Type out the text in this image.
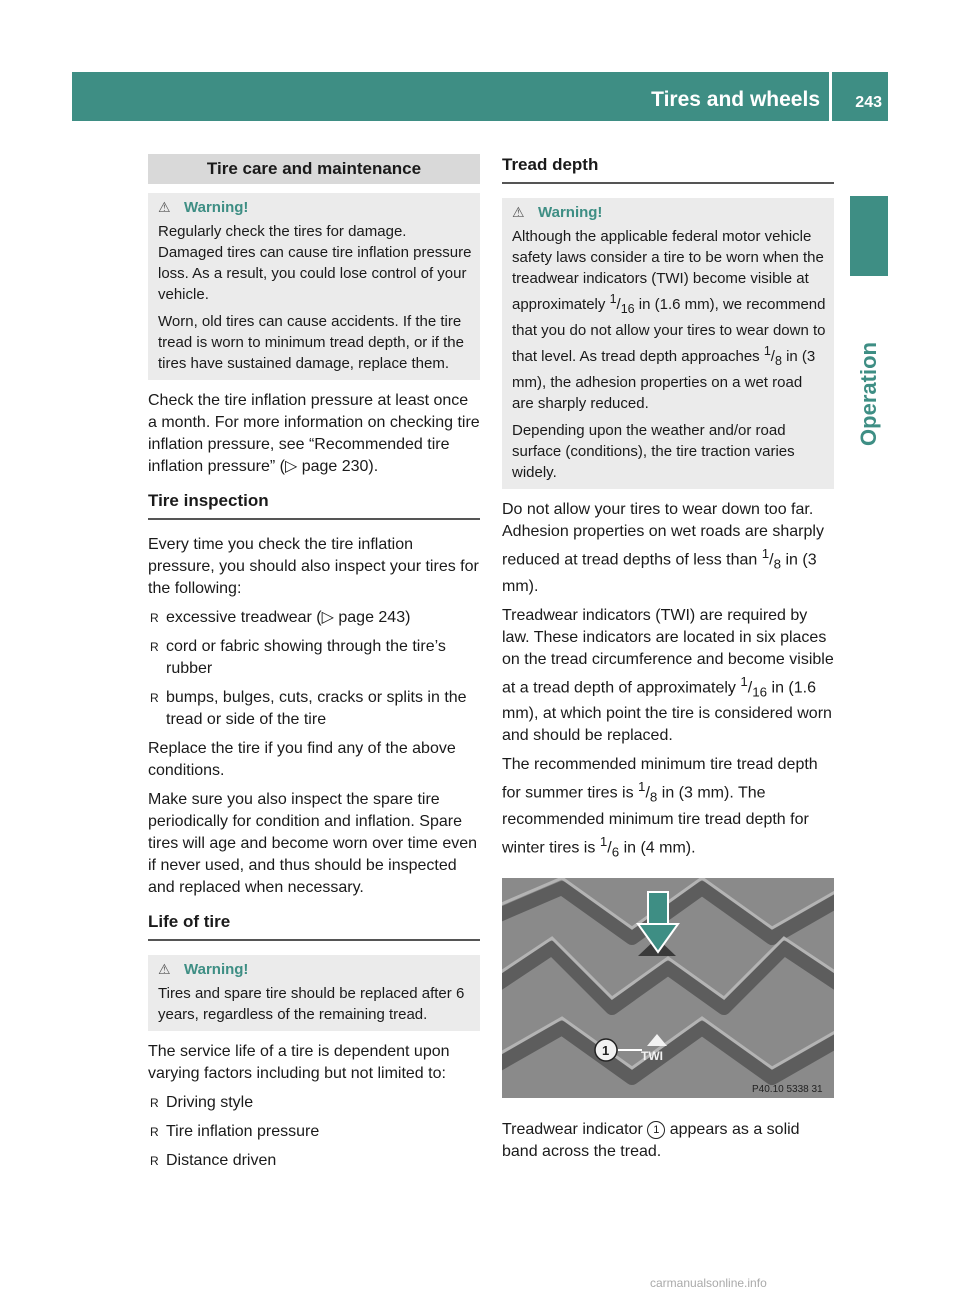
Tires and wheels 243
Operation
Tire care and maintenance
⚠ Warning!

Regularly check the tires for damage. Damaged tires can cause tire inflation pressure loss. As a result, you could lose control of your vehicle.

Worn, old tires can cause accidents. If the tire tread is worn to minimum tread depth, or if the tires have sustained damage, replace them.

Check the tire inflation pressure at least once a month. For more information on checking tire inflation pressure, see “Recommended tire inflation pressure” (▷ page 230).

Tire inspection

Every time you check the tire inflation pressure, you should also inspect your tires for the following:

R excessive treadwear (▷ page 243)
R cord or fabric showing through the tire’s rubber
R bumps, bulges, cuts, cracks or splits in the tread or side of the tire

Replace the tire if you find any of the above conditions.

Make sure you also inspect the spare tire periodically for condition and inflation. Spare tires will age and become worn over time even if never used, and thus should be inspected and replaced when necessary.

Life of tire
⚠ Warning!

Tires and spare tire should be replaced after 6 years, regardless of the remaining tread.

The service life of a tire is dependent upon varying factors including but not limited to:

R Driving style
R Tire inflation pressure
R Distance driven
Tread depth
⚠ Warning!

Although the applicable federal motor vehicle safety laws consider a tire to be worn when the treadwear indicators (TWI) become visible at approximately $^1/_{16}$ in (1.6 mm), we recommend that you do not allow your tires to wear down to that level. As tread depth approaches $^1/_8$ in (3 mm), the adhesion properties on a wet road are sharply reduced.

Depending upon the weather and/or road surface (conditions), the tire traction varies widely.

Do not allow your tires to wear down too far. Adhesion properties on wet roads are sharply reduced at tread depths of less than $^1/_8$ in (3 mm).

Treadwear indicators (TWI) are required by law. These indicators are located in six places on the tread circumference and become visible at a tread depth of approximately $^1/_{16}$ in (1.6 mm), at which point the tire is considered worn and should be replaced.

The recommended minimum tire tread depth for summer tires is $^1/_8$ in (3 mm). The recommended minimum tire tread depth for winter tires is $^1/_6$ in (4 mm).

TWI
1
P40.10 5338 31

Treadwear indicator 1 appears as a solid band across the tread.

carmanualsonline.info
